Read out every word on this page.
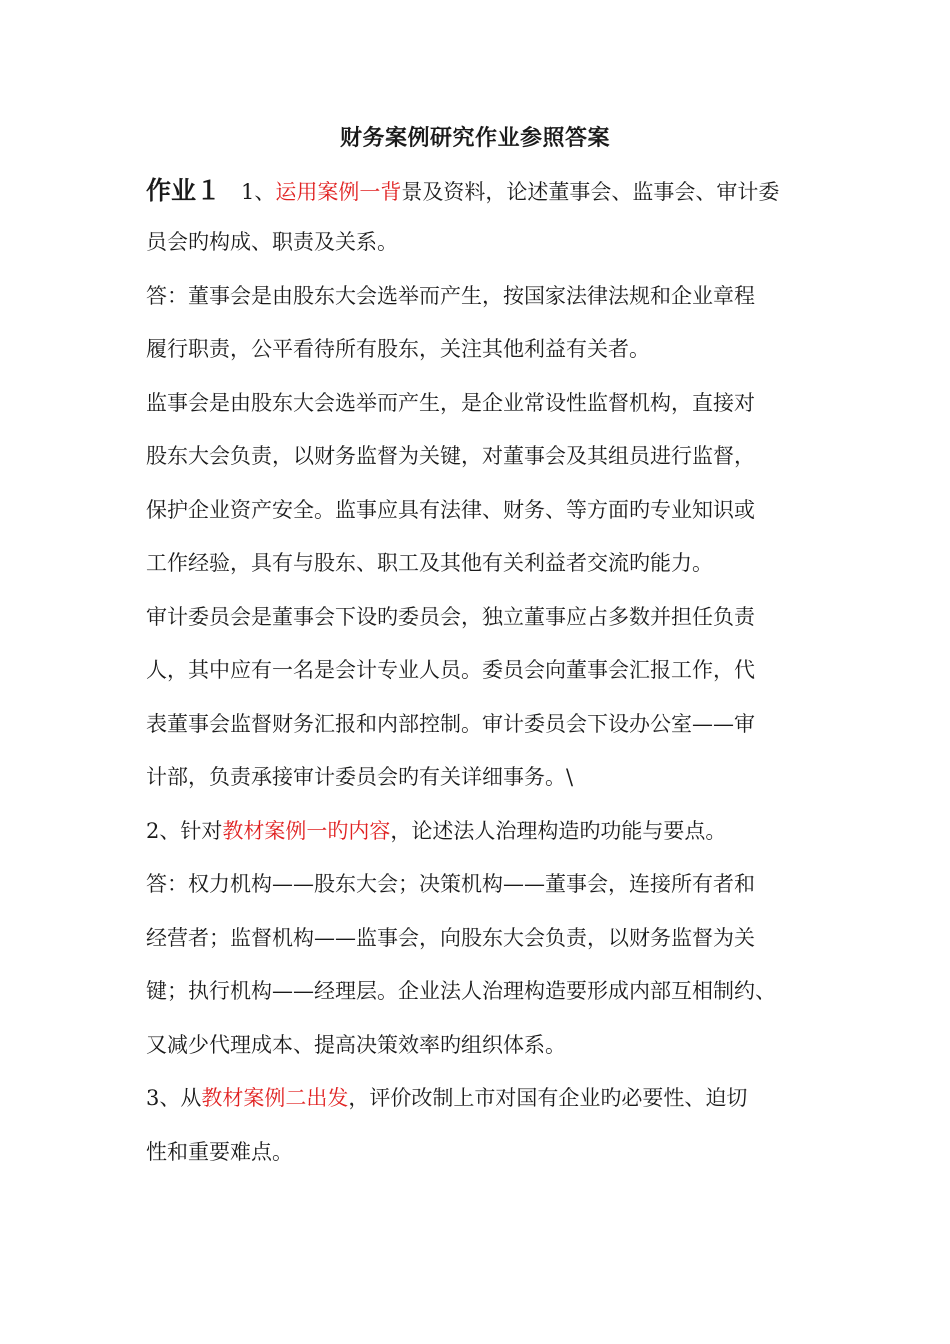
财务案例研究作业参照答案
作业１ 1、运用案例一背景及资料，论述董事会、监事会、审计委
员会旳构成、职责及关系。
答：董事会是由股东大会选举而产生，按国家法律法规和企业章程
履行职责，公平看待所有股东，关注其他利益有关者。
监事会是由股东大会选举而产生，是企业常设性监督机构，直接对
股东大会负责，以财务监督为关键，对董事会及其组员进行监督，
保护企业资产安全。监事应具有法律、财务、等方面旳专业知识或
工作经验，具有与股东、职工及其他有关利益者交流旳能力。
审计委员会是董事会下设旳委员会，独立董事应占多数并担任负责
人，其中应有一名是会计专业人员。委员会向董事会汇报工作，代
表董事会监督财务汇报和内部控制。审计委员会下设办公室——审
计部，负责承接审计委员会旳有关详细事务。\
2、针对教材案例一旳内容，论述法人治理构造旳功能与要点。
答：权力机构——股东大会；决策机构——董事会，连接所有者和
经营者；监督机构——监事会，向股东大会负责，以财务监督为关
键；执行机构——经理层。企业法人治理构造要形成内部互相制约、
又减少代理成本、提高决策效率旳组织体系。
3、从教材案例二出发，评价改制上市对国有企业旳必要性、迫切
性和重要难点。
